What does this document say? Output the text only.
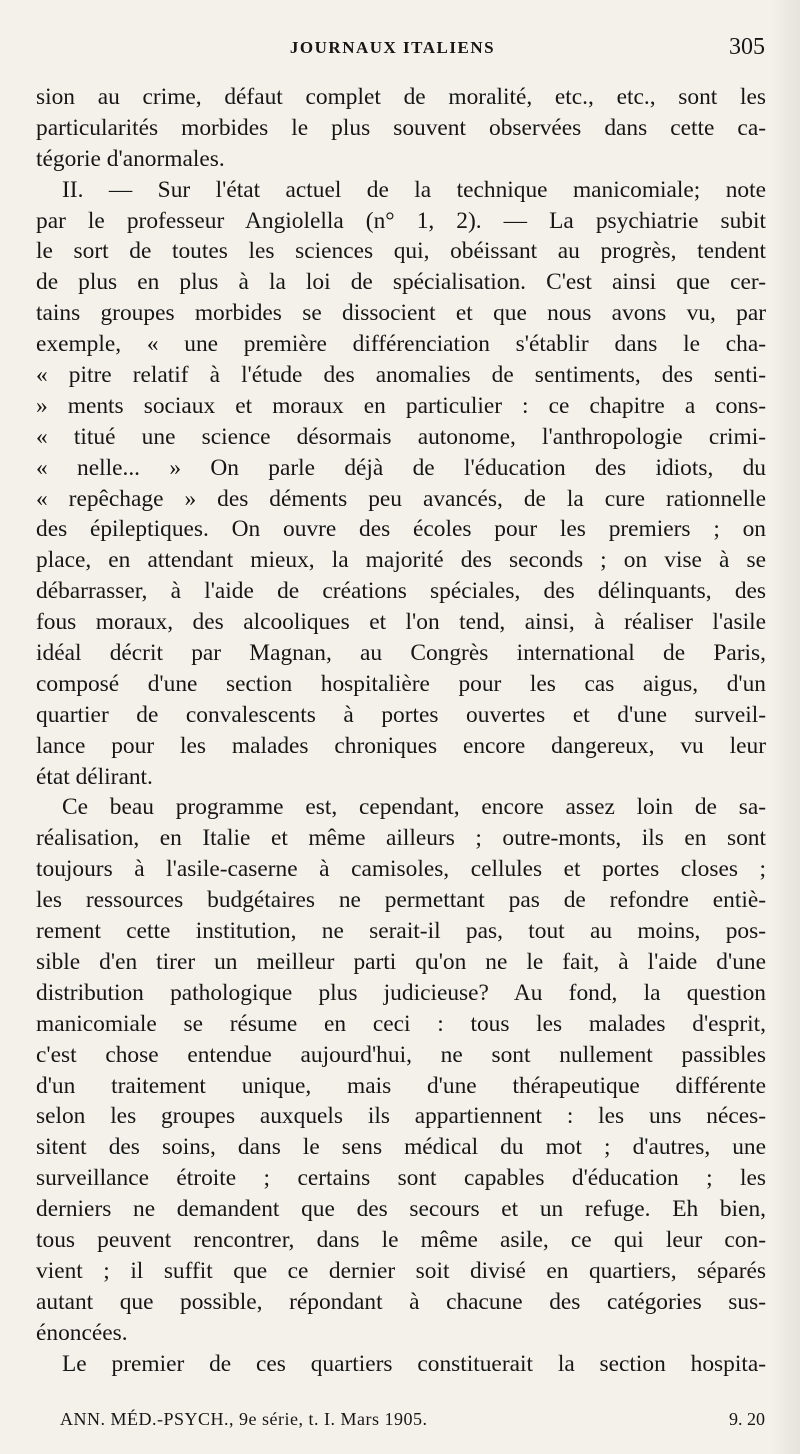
JOURNAUX ITALIENS	305
sion au crime, défaut complet de moralité, etc., etc., sont les
particularités morbides le plus souvent observées dans cette ca-
tégorie d'anormales.
II. — Sur l'état actuel de la technique manicomiale; note
par le professeur Angiolella (n° 1, 2). — La psychiatrie subit
le sort de toutes les sciences qui, obéissant au progrès, tendent
de plus en plus à la loi de spécialisation. C'est ainsi que cer-
tains groupes morbides se dissocient et que nous avons vu, par
exemple, « une première différenciation s'établir dans le cha-
« pitre relatif à l'étude des anomalies de sentiments, des senti-
» ments sociaux et moraux en particulier : ce chapitre a cons-
« titué une science désormais autonome, l'anthropologie crimi-
« nelle... » On parle déjà de l'éducation des idiots, du
« repêchage » des déments peu avancés, de la cure rationnelle
des épileptiques. On ouvre des écoles pour les premiers ; on
place, en attendant mieux, la majorité des seconds ; on vise à se
débarrasser, à l'aide de créations spéciales, des délinquants, des
fous moraux, des alcooliques et l'on tend, ainsi, à réaliser l'asile
idéal décrit par Magnan, au Congrès international de Paris,
composé d'une section hospitalière pour les cas aigus, d'un
quartier de convalescents à portes ouvertes et d'une surveil-
lance pour les malades chroniques encore dangereux, vu leur
état délirant.
Ce beau programme est, cependant, encore assez loin de sa-
réalisation, en Italie et même ailleurs ; outre-monts, ils en sont
toujours à l'asile-caserne à camisoles, cellules et portes closes ;
les ressources budgétaires ne permettant pas de refondre entiè-
rement cette institution, ne serait-il pas, tout au moins, pos-
sible d'en tirer un meilleur parti qu'on ne le fait, à l'aide d'une
distribution pathologique plus judicieuse? Au fond, la question
manicomiale se résume en ceci : tous les malades d'esprit,
c'est chose entendue aujourd'hui, ne sont nullement passibles
d'un traitement unique, mais d'une thérapeutique différente
selon les groupes auxquels ils appartiennent : les uns néces-
sitent des soins, dans le sens médical du mot ; d'autres, une
surveillance étroite ; certains sont capables d'éducation ; les
derniers ne demandent que des secours et un refuge. Eh bien,
tous peuvent rencontrer, dans le même asile, ce qui leur con-
vient ; il suffit que ce dernier soit divisé en quartiers, séparés
autant que possible, répondant à chacune des catégories sus-
énoncées.
Le premier de ces quartiers constituerait la section hospita-
ANN. MÉD.-PSYCH., 9e série, t. I. Mars 1905.	9. 20
